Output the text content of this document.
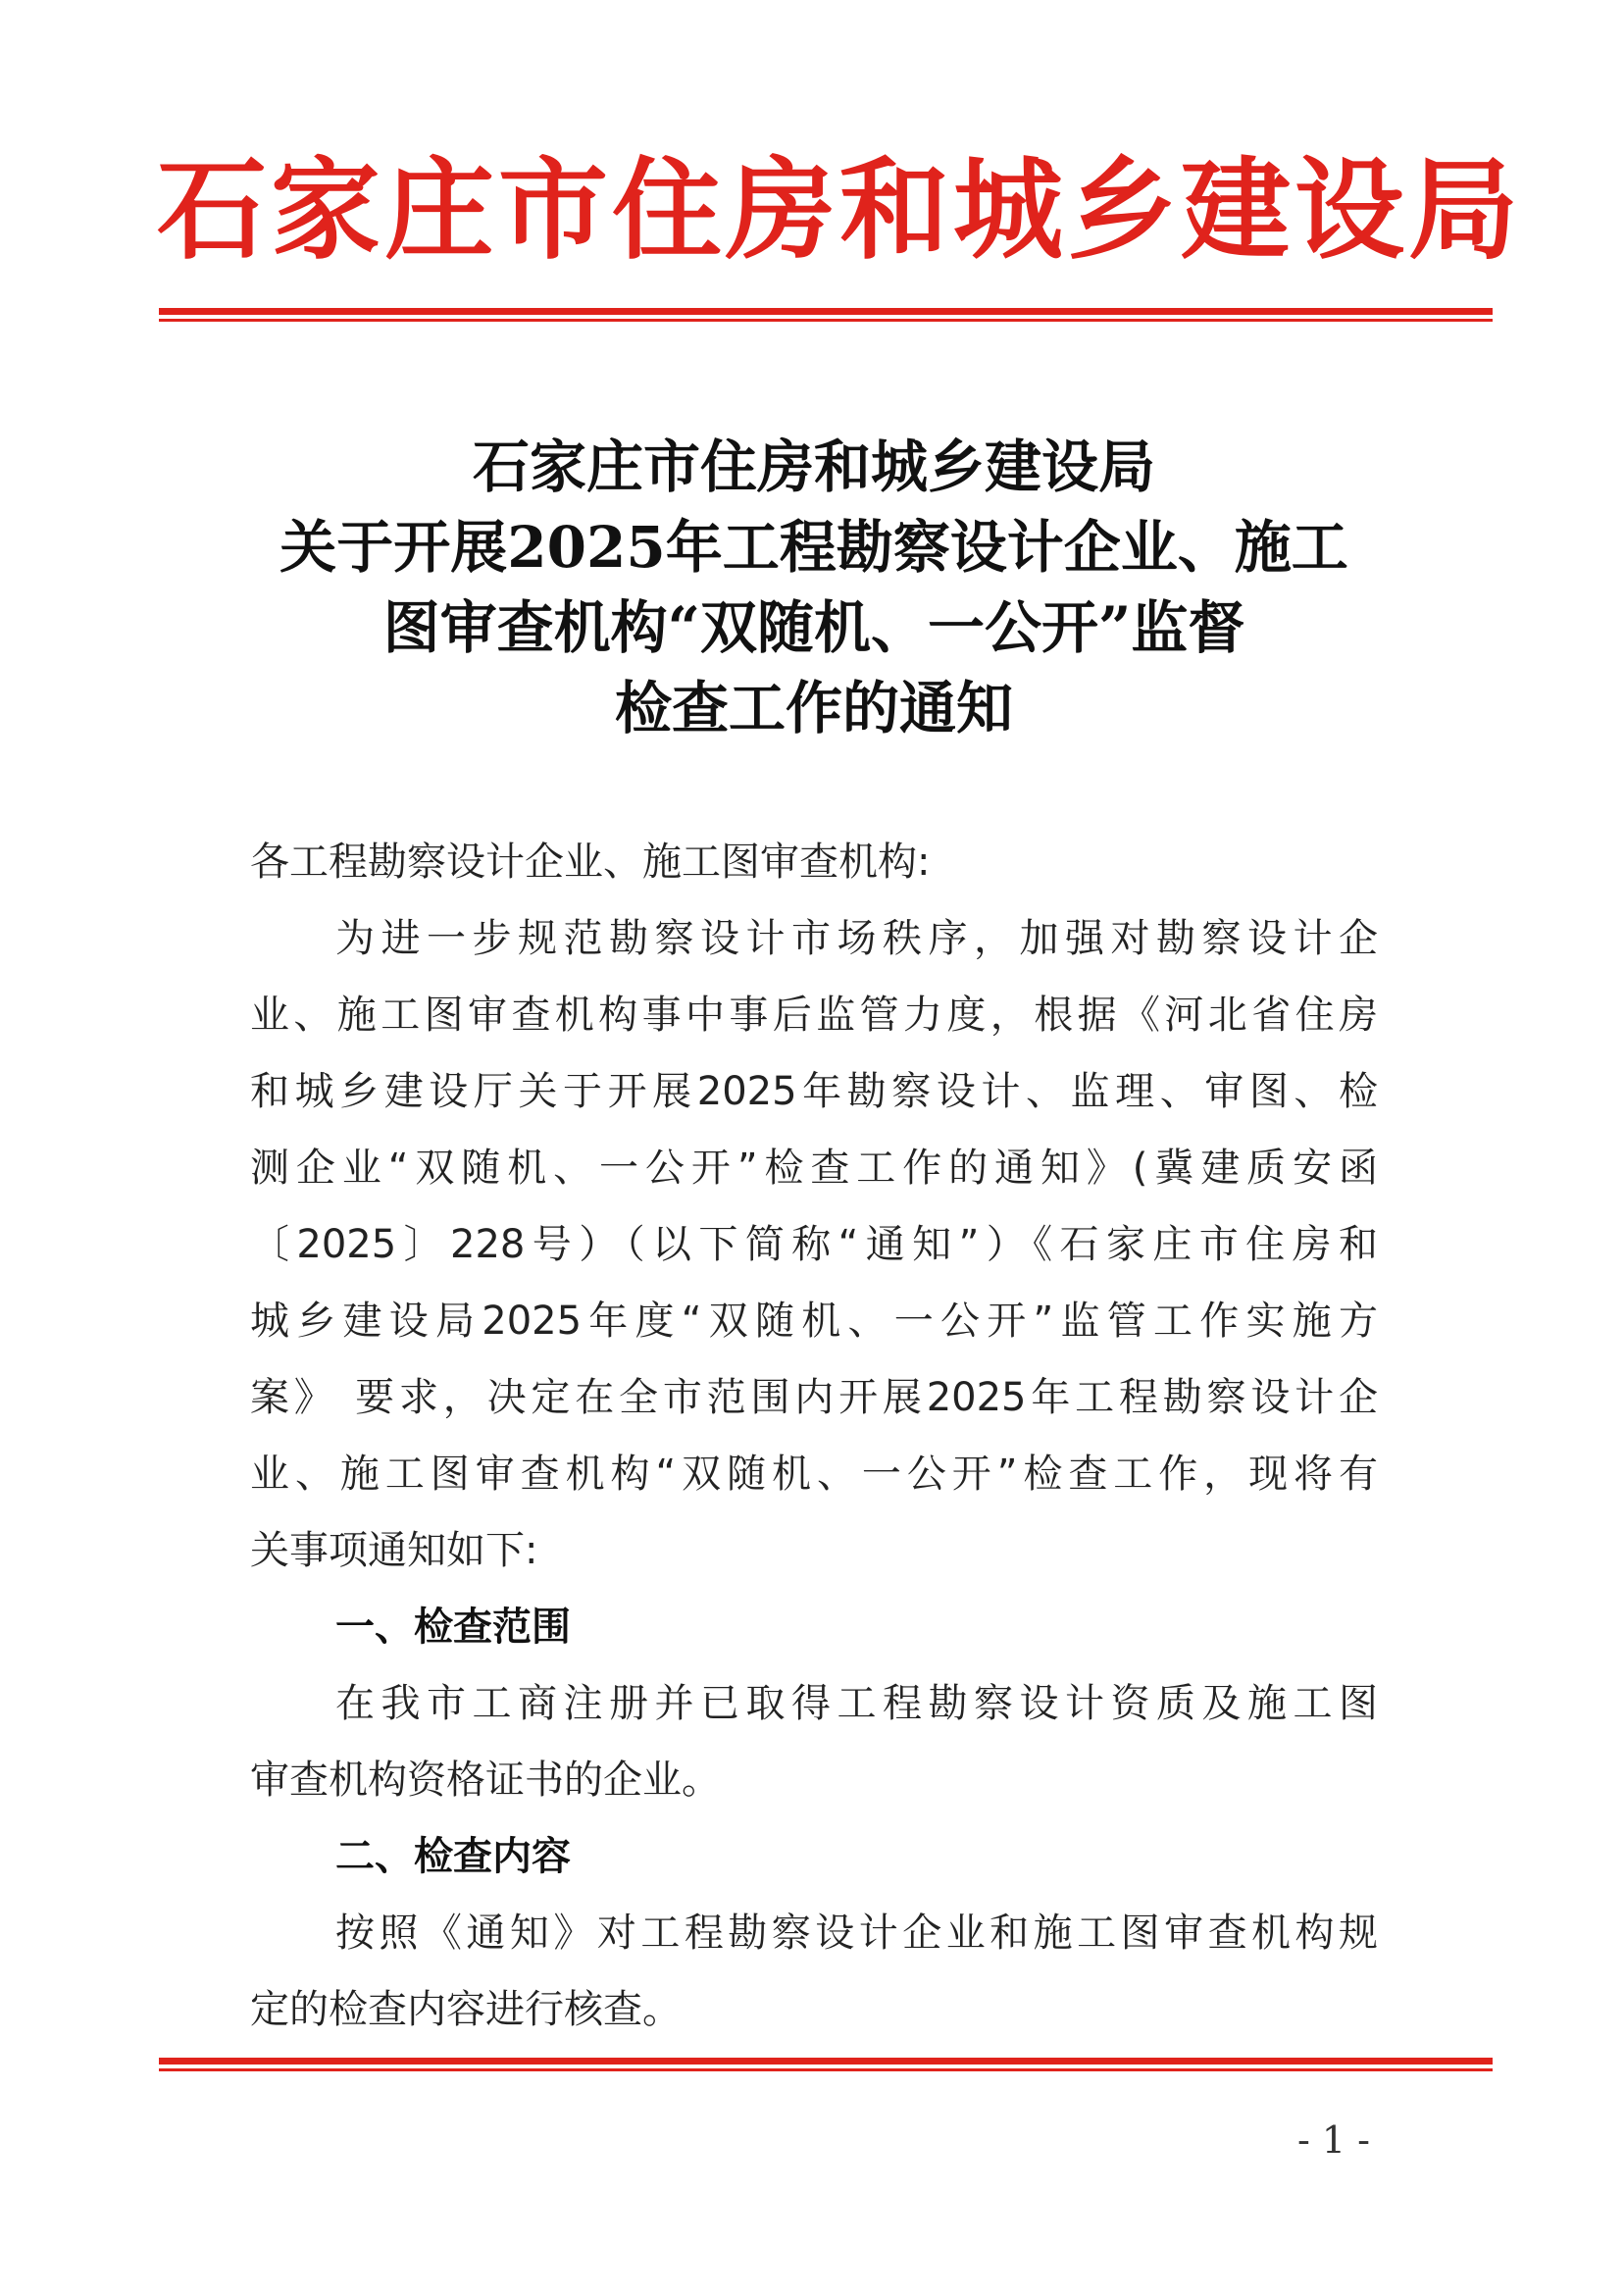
石家庄市住房和城乡建设局
石家庄市住房和城乡建设局
关于开展2025年工程勘察设计企业、施工
图审查机构“双随机、一公开”监督
检查工作的通知
各工程勘察设计企业、施工图审查机构:
为进一步规范勘察设计市场秩序，加强对勘察设计企
业、施工图审查机构事中事后监管力度，根据《河北省住房
和城乡建设厅关于开展2025年勘察设计、监理、审图、检
测企业“双随机、一公开”检查工作的通知》(冀建质安函
〔2025〕228号）（以下简称“通知”）《石家庄市住房和
城乡建设局2025年度“双随机、一公开”监管工作实施方
案》 要求，决定在全市范围内开展2025年工程勘察设计企
业、施工图审查机构“双随机、一公开”检查工作，现将有
关事项通知如下:
一、检查范围
在我市工商注册并已取得工程勘察设计资质及施工图
审查机构资格证书的企业。
二、检查内容
按照《通知》对工程勘察设计企业和施工图审查机构规
定的检查内容进行核查。
- 1 -
